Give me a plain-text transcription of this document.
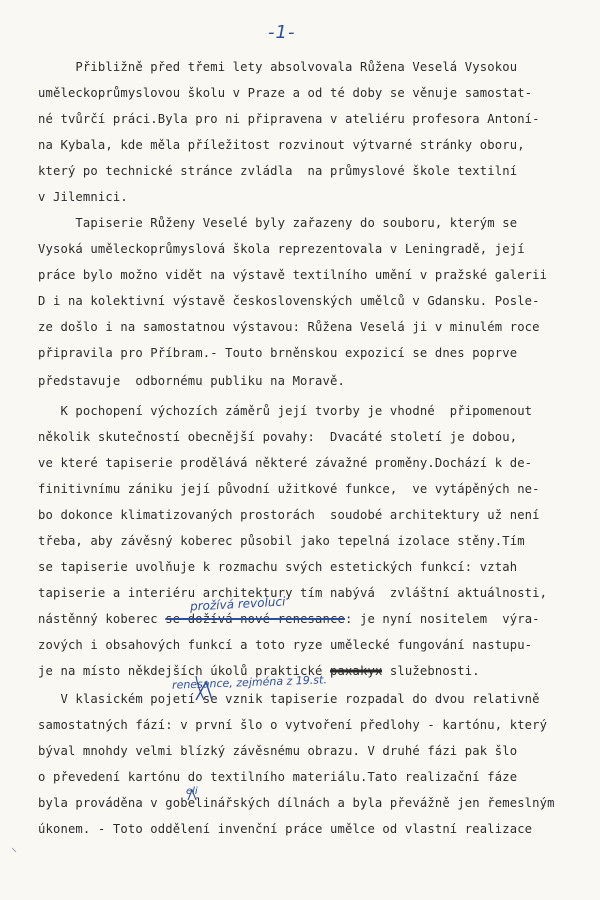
-1-
Přibližně před třemi lety absolvovala Růžena Veselá Vysokou
uměleckoprůmyslovou školu v Praze a od té doby se věnuje samostat-
né tvůrčí práci.Byla pro ni připravena v ateliéru profesora Antoní-
na Kybala, kde měla příležitost rozvinout výtvarné stránky oboru,
který po technické stránce zvládla  na průmyslové škole textilní
v Jilemnici.
Tapiserie Růženy Veselé byly zařazeny do souboru, kterým se
Vysoká uměleckoprůmyslová škola reprezentovala v Leningradě, její
práce bylo možno vidět na výstavě textilního umění v pražské galerii
D i na kolektivní výstavě československých umělců v Gdansku. Posle-
ze došlo i na samostatnou výstavou: Růžena Veselá ji v minulém roce
připravila pro Příbram.- Touto brněnskou expozicí se dnes poprve
představuje  odbornému publiku na Moravě.
K pochopení výchozích záměrů její tvorby je vhodné  připomenout
několik skutečností obecnější povahy:  Dvacáté století je dobou,
ve které tapiserie prodělává některé závažné proměny.Dochází k de-
finitivnímu zániku její původní užitkové funkce,  ve vytápěných ne-
bo dokonce klimatizovaných prostorách  soudobé architektury už není
třeba, aby závěsný koberec působil jako tepelná izolace stěny.Tím
se tapiserie uvolňuje k rozmachu svých estetických funkcí: vztah
tapiserie a interiéru architektury tím nabývá  zvláštní aktuálnosti,
nástěnný koberec se dožívá nové renesance: je nyní nositelem  výra-
prožívá revoluci
zových i obsahových funkcí a toto ryze umělecké fungování nastupu-
je na místo někdejších úkolů praktické paxakyx služebnosti.
renesance, zejména z 19.st.
V klasickém pojetí se vznik tapiserie rozpadal do dvou relativně
samostatných fází: v první šlo o vytvoření předlohy - kartónu, který
býval mnohdy velmi blízký závěsnému obrazu. V druhé fázi pak šlo
o převedení kartónu do textilního materiálu.Tato realizační fáze
eli
byla prováděna v gobelinářských dílnách a byla převážně jen řemeslným
úkonem. - Toto oddělení invenční práce umělce od vlastní realizace
